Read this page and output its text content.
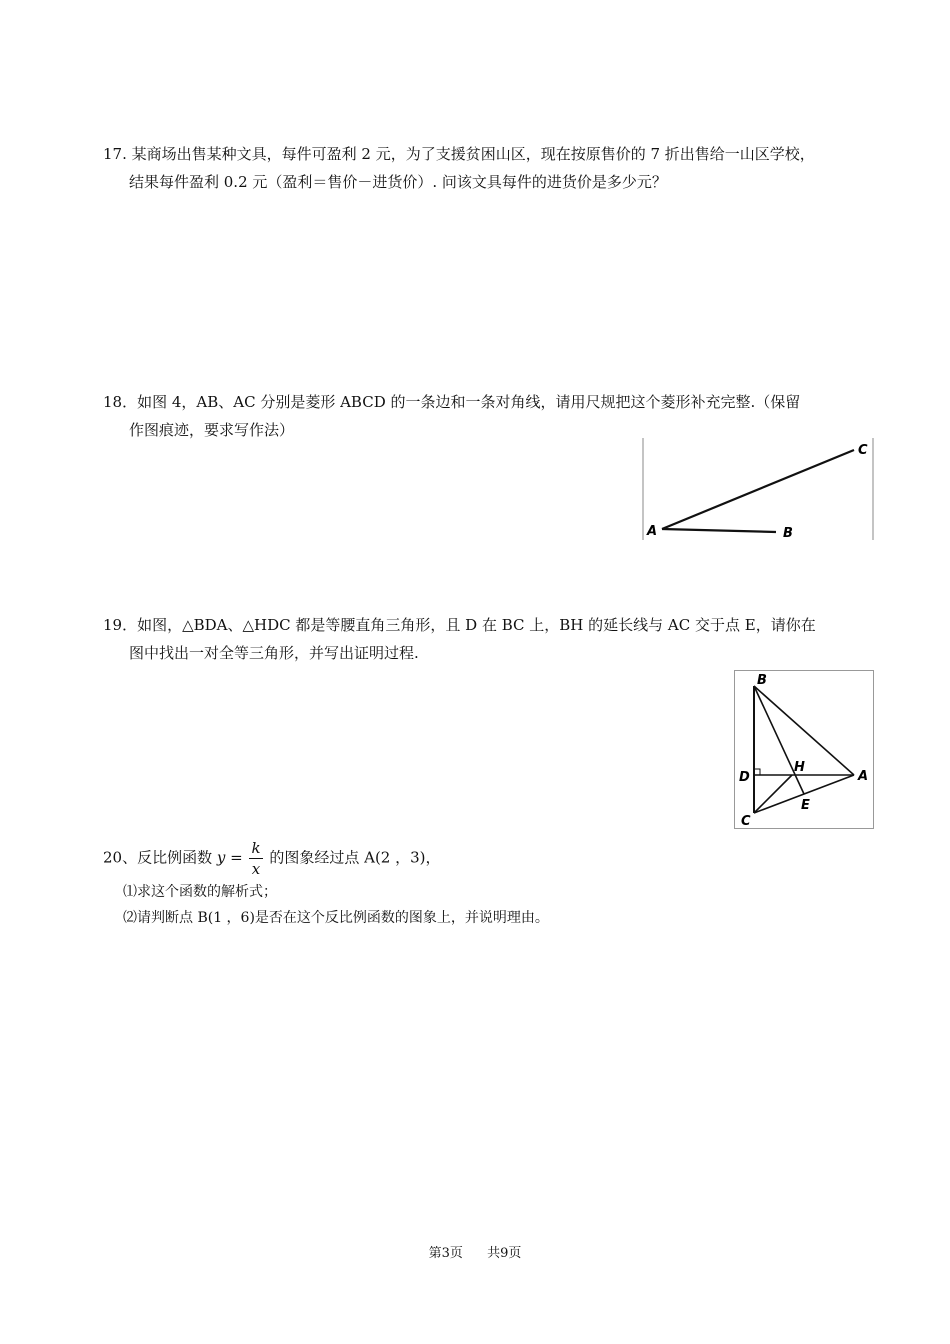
17. 某商场出售某种文具，每件可盈利 2 元，为了支援贫困山区，现在按原售价的 7 折出售给一山区学校，
结果每件盈利 0.2 元（盈利＝售价－进货价）. 问该文具每件的进货价是多少元？
18．如图 4，AB、AC 分别是菱形 ABCD 的一条边和一条对角线，请用尺规把这个菱形补充完整.（保留
作图痕迹，要求写作法）
A	B
C
19．如图，△BDA、△HDC 都是等腰直角三角形，且 D 在 BC 上，BH 的延长线与 AC 交于点 E，请你在
图中找出一对全等三角形，并写出证明过程.
B
D
H
A
E
C
20、反比例函数 $y = \frac{k}{x}$ 的图象经过点 A(2 ，3)，
⑴求这个函数的解析式；
⑵请判断点 B(1 ，6)是否在这个反比例函数的图象上，并说明理由。
第3页 共9页
